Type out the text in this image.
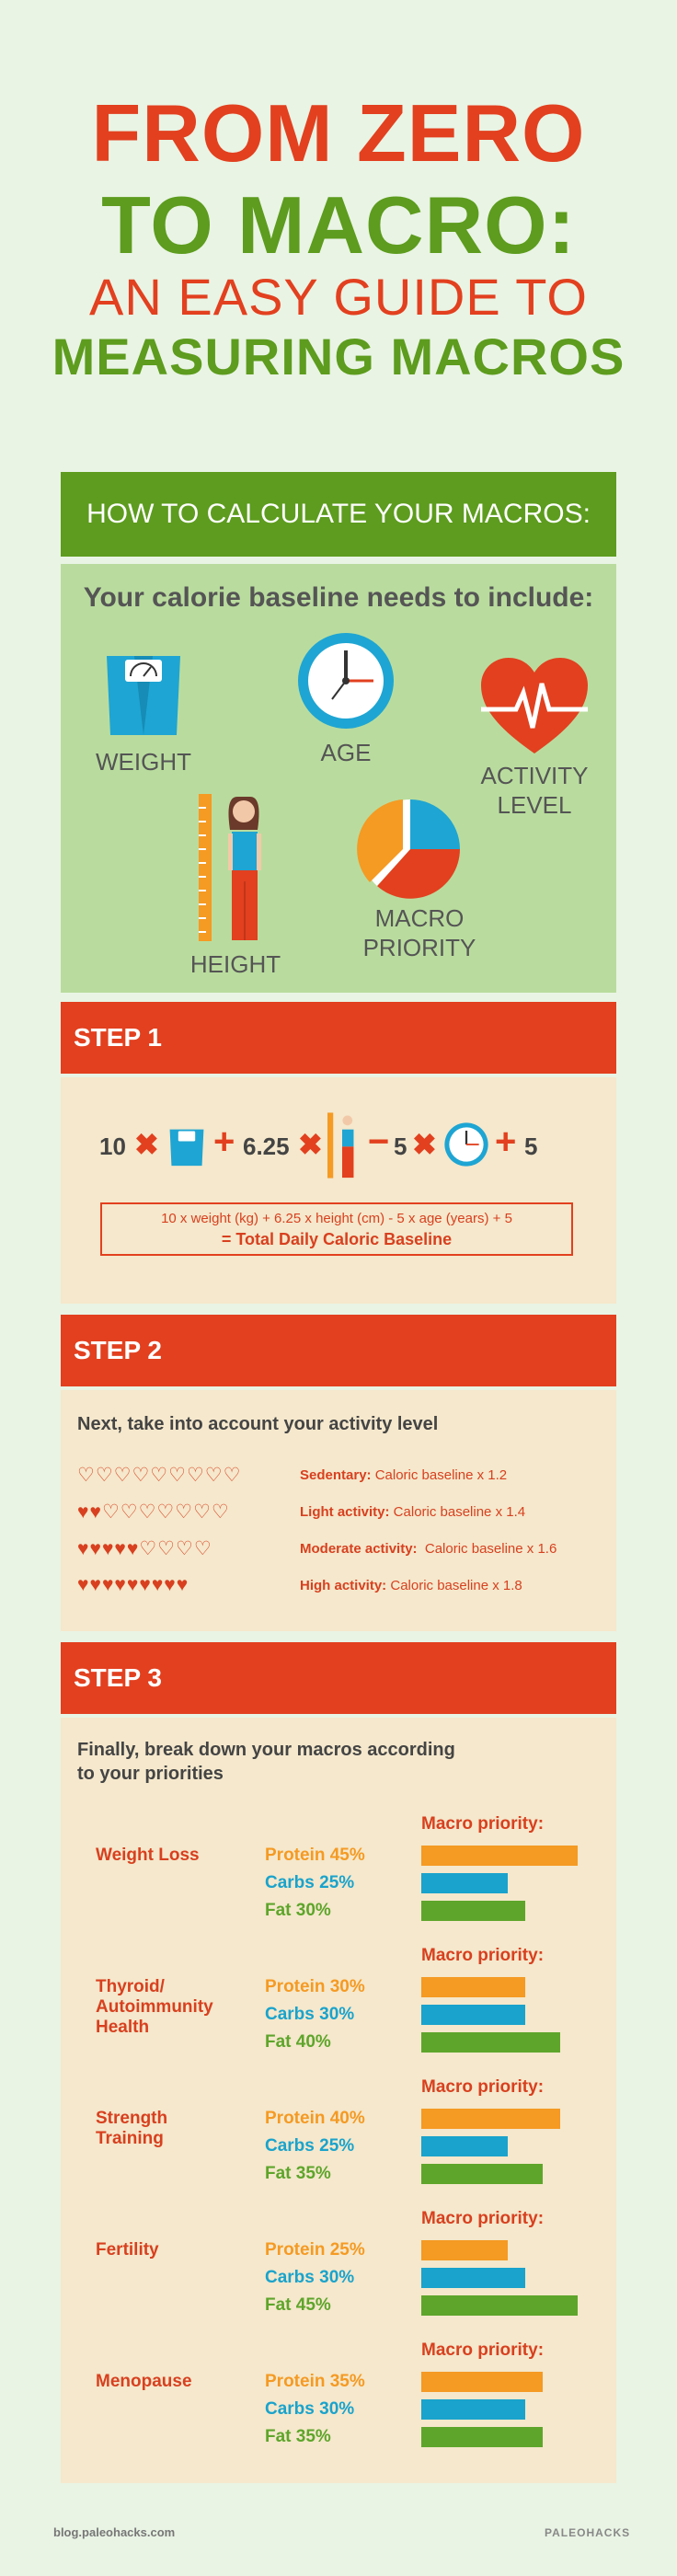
FROM ZERO
TO MACRO:
AN EASY GUIDE TO
MEASURING MACROS
HOW TO CALCULATE YOUR MACROS:
Your calorie baseline needs to include:
WEIGHT	AGE
ACTIVITY
LEVEL
HEIGHT
MACRO
PRIORITY
STEP 1
10 ✖ + 6.25 ✖ − 5 ✖ + 5
10 x weight (kg) + 6.25 x height (cm) - 5 x age (years) + 5
= Total Daily Caloric Baseline
STEP 2
Next, take into account your activity level
♡♡♡♡♡♡♡♡♡	Sedentary: Caloric baseline x 1.2
♥♥♡♡♡♡♡♡♡	Light activity: Caloric baseline x 1.4
♥♥♥♥♥♡♡♡♡	Moderate activity:  Caloric baseline x 1.6
♥♥♥♥♥♥♥♥♥	High activity: Caloric baseline x 1.8
STEP 3
Finally, break down your macros according
to your priorities
Macro priority:
Weight Loss	Protein 45%
Carbs 25%
Fat 30%
Macro priority:
Thyroid/
Autoimmunity
Health
Protein 30%
Carbs 30%
Fat 40%
Macro priority:
Strength
Training
Protein 40%
Carbs 25%
Fat 35%
Macro priority:
Fertility	Protein 25%
Carbs 30%
Fat 45%
Macro priority:
Menopause	Protein 35%
Carbs 30%
Fat 35%
blog.paleohacks.com	PALEOHACKS
